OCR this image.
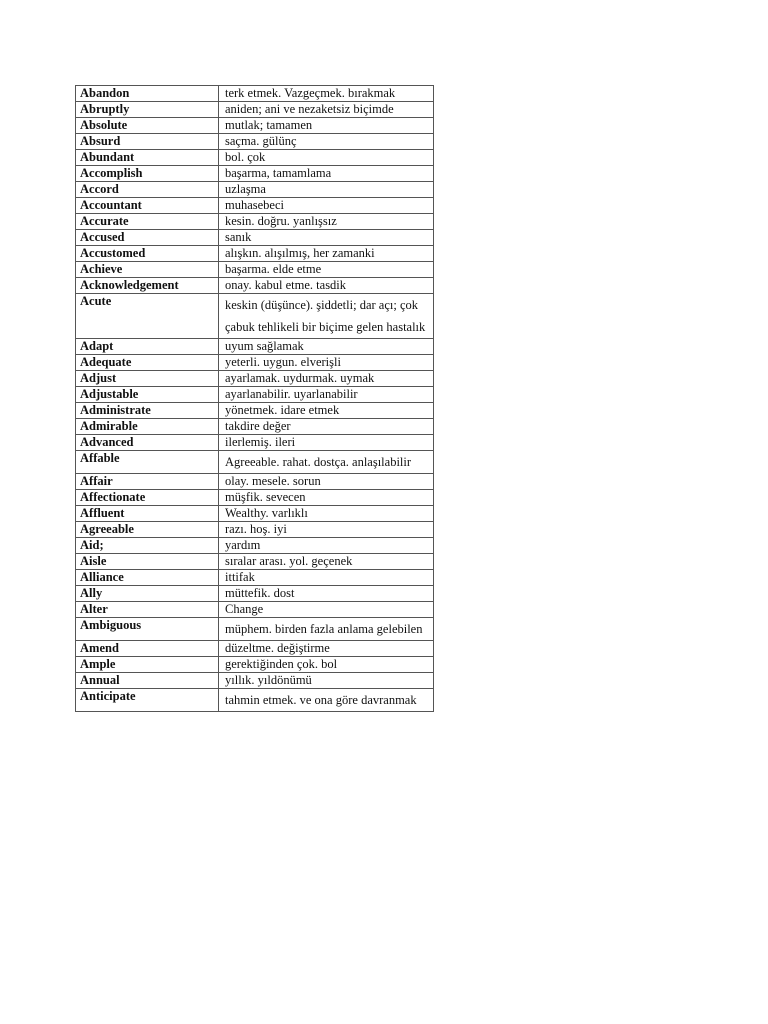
Abandon	terk etmek. Vazgeçmek. bırakmak
Abruptly	aniden; ani ve nezaketsiz biçimde
Absolute	mutlak; tamamen
Absurd	saçma. gülünç
Abundant	bol. çok
Accomplish	başarma, tamamlama
Accord	uzlaşma
Accountant	muhasebeci
Accurate	kesin. doğru. yanlışsız
Accused	sanık
Accustomed	alışkın. alışılmış, her zamanki
Achieve	başarma. elde etme
Acknowledgement	onay. kabul etme. tasdik
Acute	keskin (düşünce). şiddetli; dar açı; çok çabuk tehlikeli bir biçime gelen hastalık
Adapt	uyum sağlamak
Adequate	yeterli. uygun. elverişli
Adjust	ayarlamak. uydurmak. uymak
Adjustable	ayarlanabilir. uyarlanabilir
Administrate	yönetmek. idare etmek
Admirable	takdire değer
Advanced	ilerlemiş. ileri
Affable	Agreeable. rahat. dostça. anlaşılabilir
Affair	olay. mesele. sorun
Affectionate	müşfik. sevecen
Affluent	Wealthy. varlıklı
Agreeable	razı. hoş. iyi
Aid;	yardım
Aisle	sıralar arası. yol. geçenek
Alliance	ittifak
Ally	müttefik. dost
Alter	Change
Ambiguous	müphem. birden fazla anlama gelebilen
Amend	düzeltme. değiştirme
Ample	gerektiğinden çok. bol
Annual	yıllık. yıldönümü
Anticipate	tahmin etmek. ve ona göre davranmak
